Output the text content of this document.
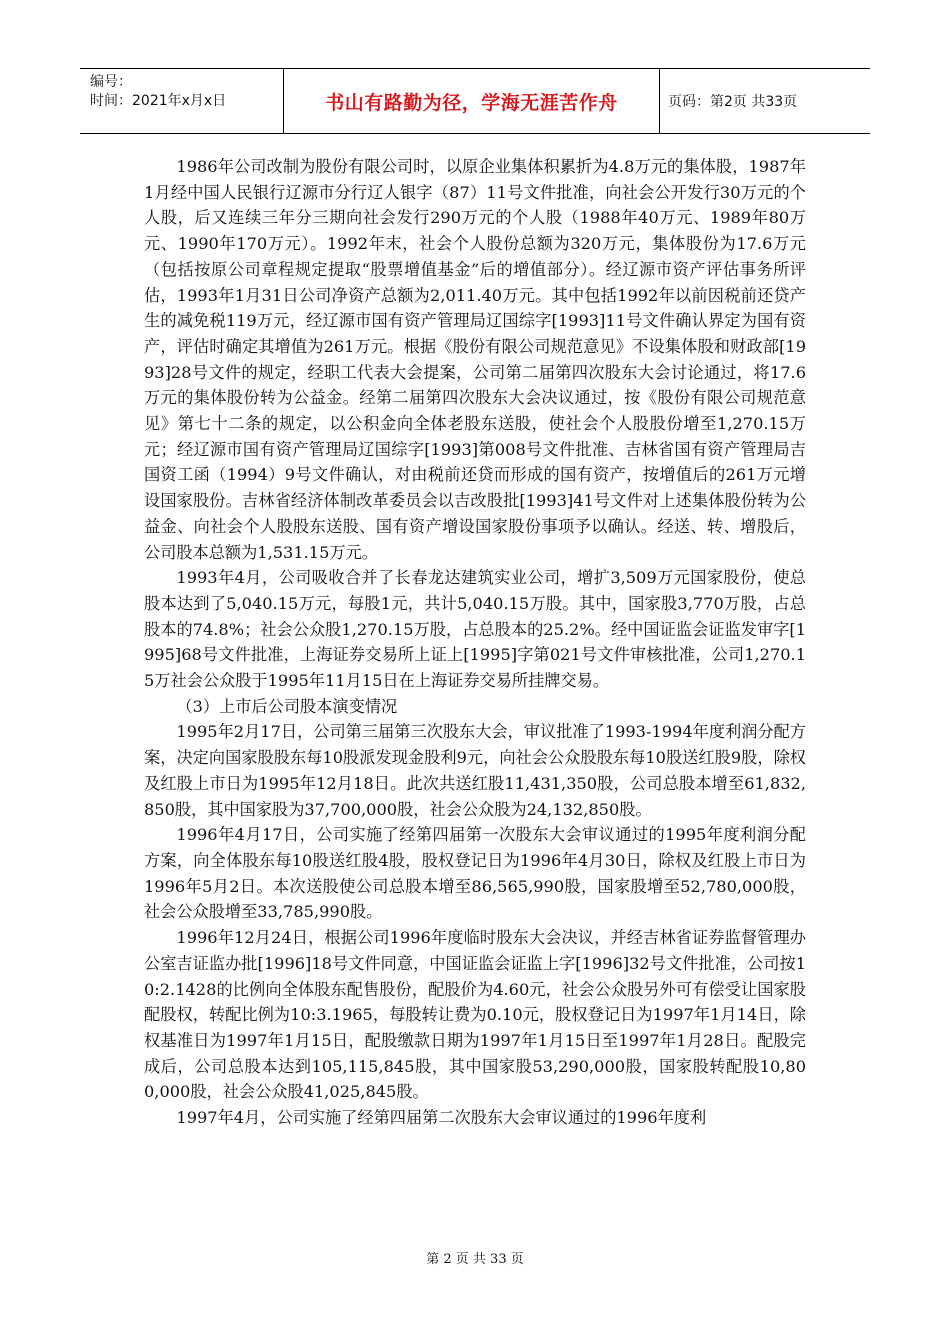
编号：
时间：2021年x月x日	书山有路勤为径，学海无涯苦作舟	页码：第2页 共33页

1986年公司改制为股份有限公司时，以原企业集体积累折为4.8万元的集体股，1987年1月经中国人民银行辽源市分行辽人银字（87）11号文件批准，向社会公开发行30万元的个人股，后又连续三年分三期向社会发行290万元的个人股（1988年40万元、1989年80万元、1990年170万元）。1992年末，社会个人股份总额为320万元，集体股份为17.6万元（包括按原公司章程规定提取“股票增值基金”后的增值部分）。经辽源市资产评估事务所评估，1993年1月31日公司净资产总额为2,011.40万元。其中包括1992年以前因税前还贷产生的减免税119万元，经辽源市国有资产管理局辽国综字[1993]11号文件确认界定为国有资产，评估时确定其增值为261万元。根据《股份有限公司规范意见》不设集体股和财政部[1993]28号文件的规定，经职工代表大会提案，公司第二届第四次股东大会讨论通过，将17.6万元的集体股份转为公益金。经第二届第四次股东大会决议通过，按《股份有限公司规范意见》第七十二条的规定，以公积金向全体老股东送股，使社会个人股股份增至1,270.15万元；经辽源市国有资产管理局辽国综字[1993]第008号文件批准、吉林省国有资产管理局吉国资工函（1994）9号文件确认，对由税前还贷而形成的国有资产，按增值后的261万元增设国家股份。吉林省经济体制改革委员会以吉改股批[1993]41号文件对上述集体股份转为公益金、向社会个人股股东送股、国有资产增设国家股份事项予以确认。经送、转、增股后，公司股本总额为1,531.15万元。

1993年4月，公司吸收合并了长春龙达建筑实业公司，增扩3,509万元国家股份，使总股本达到了5,040.15万元，每股1元，共计5,040.15万股。其中，国家股3,770万股，占总股本的74.8%；社会公众股1,270.15万股，占总股本的25.2%。经中国证监会证监发审字[1995]68号文件批准，上海证券交易所上证上[1995]字第021号文件审核批准，公司1,270.15万社会公众股于1995年11月15日在上海证券交易所挂牌交易。

（3）上市后公司股本演变情况

1995年2月17日，公司第三届第三次股东大会，审议批准了1993-1994年度利润分配方案，决定向国家股股东每10股派发现金股利9元，向社会公众股股东每10股送红股9股，除权及红股上市日为1995年12月18日。此次共送红股11,431,350股，公司总股本增至61,832,850股，其中国家股为37,700,000股，社会公众股为24,132,850股。

1996年4月17日，公司实施了经第四届第一次股东大会审议通过的1995年度利润分配方案，向全体股东每10股送红股4股，股权登记日为1996年4月30日，除权及红股上市日为1996年5月2日。本次送股使公司总股本增至86,565,990股，国家股增至52,780,000股，社会公众股增至33,785,990股。

1996年12月24日，根据公司1996年度临时股东大会决议，并经吉林省证券监督管理办公室吉证监办批[1996]18号文件同意，中国证监会证监上字[1996]32号文件批准，公司按10:2.1428的比例向全体股东配售股份，配股价为4.60元，社会公众股另外可有偿受让国家股配股权，转配比例为10:3.1965，每股转让费为0.10元，股权登记日为1997年1月14日，除权基准日为1997年1月15日，配股缴款日期为1997年1月15日至1997年1月28日。配股完成后，公司总股本达到105,115,845股，其中国家股53,290,000股，国家股转配股10,800,000股，社会公众股41,025,845股。

1997年4月，公司实施了经第四届第二次股东大会审议通过的1996年度利

第 2 页 共 33 页
